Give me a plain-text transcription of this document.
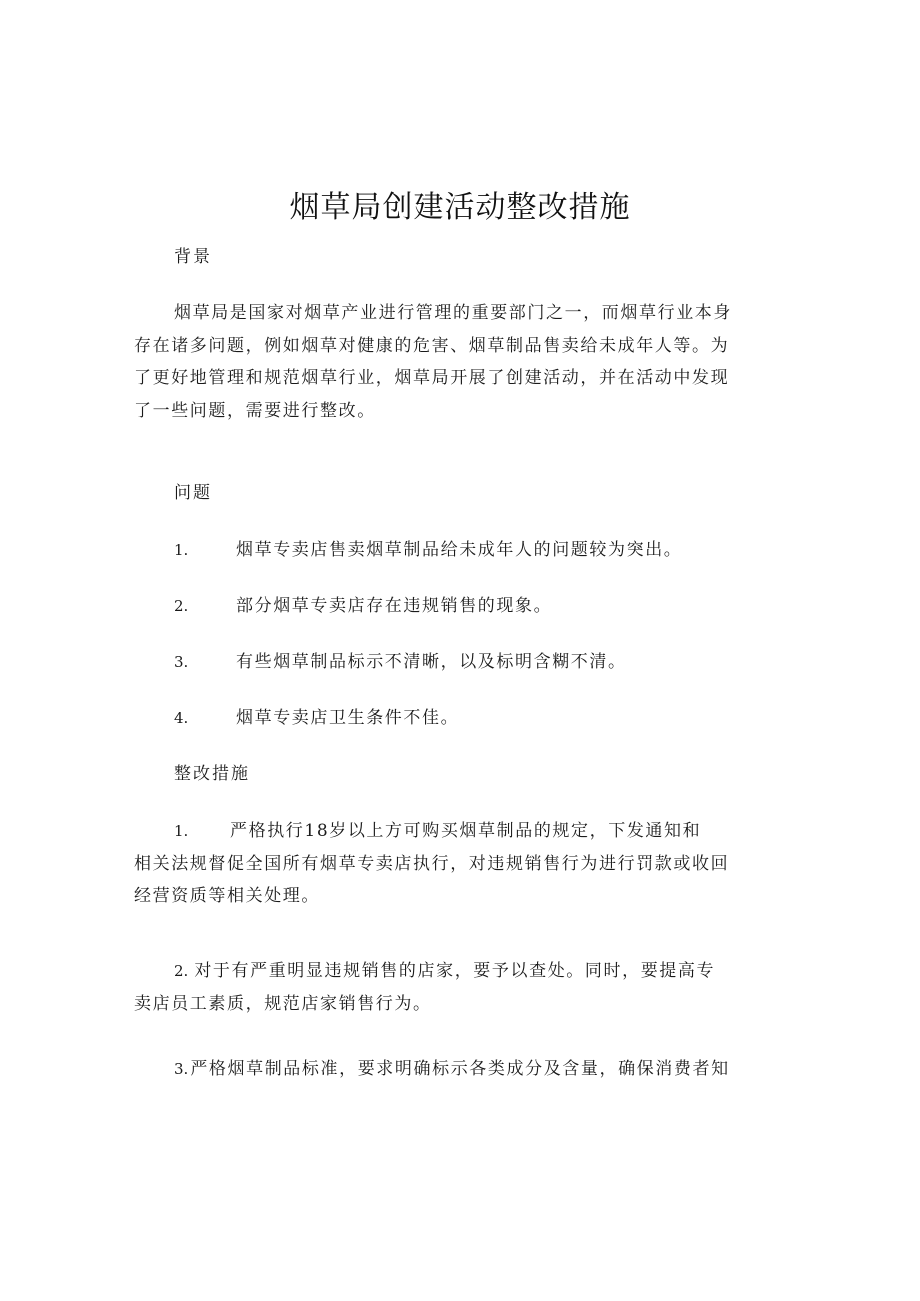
烟草局创建活动整改措施

背景

烟草局是国家对烟草产业进行管理的重要部门之一，而烟草行业本身
存在诸多问题，例如烟草对健康的危害、烟草制品售卖给未成年人等。为
了更好地管理和规范烟草行业，烟草局开展了创建活动，并在活动中发现
了一些问题，需要进行整改。

问题

1.	烟草专卖店售卖烟草制品给未成年人的问题较为突出。

2.	部分烟草专卖店存在违规销售的现象。

3.	有些烟草制品标示不清晰，以及标明含糊不清。

4.	烟草专卖店卫生条件不佳。

整改措施

1. 严格执行18岁以上方可购买烟草制品的规定，下发通知和
相关法规督促全国所有烟草专卖店执行，对违规销售行为进行罚款或收回
经营资质等相关处理。
2. 对于有严重明显违规销售的店家，要予以查处。同时，要提高专
卖店员工素质，规范店家销售行为。
3. 严格烟草制品标准，要求明确标示各类成分及含量，确保消费者知
